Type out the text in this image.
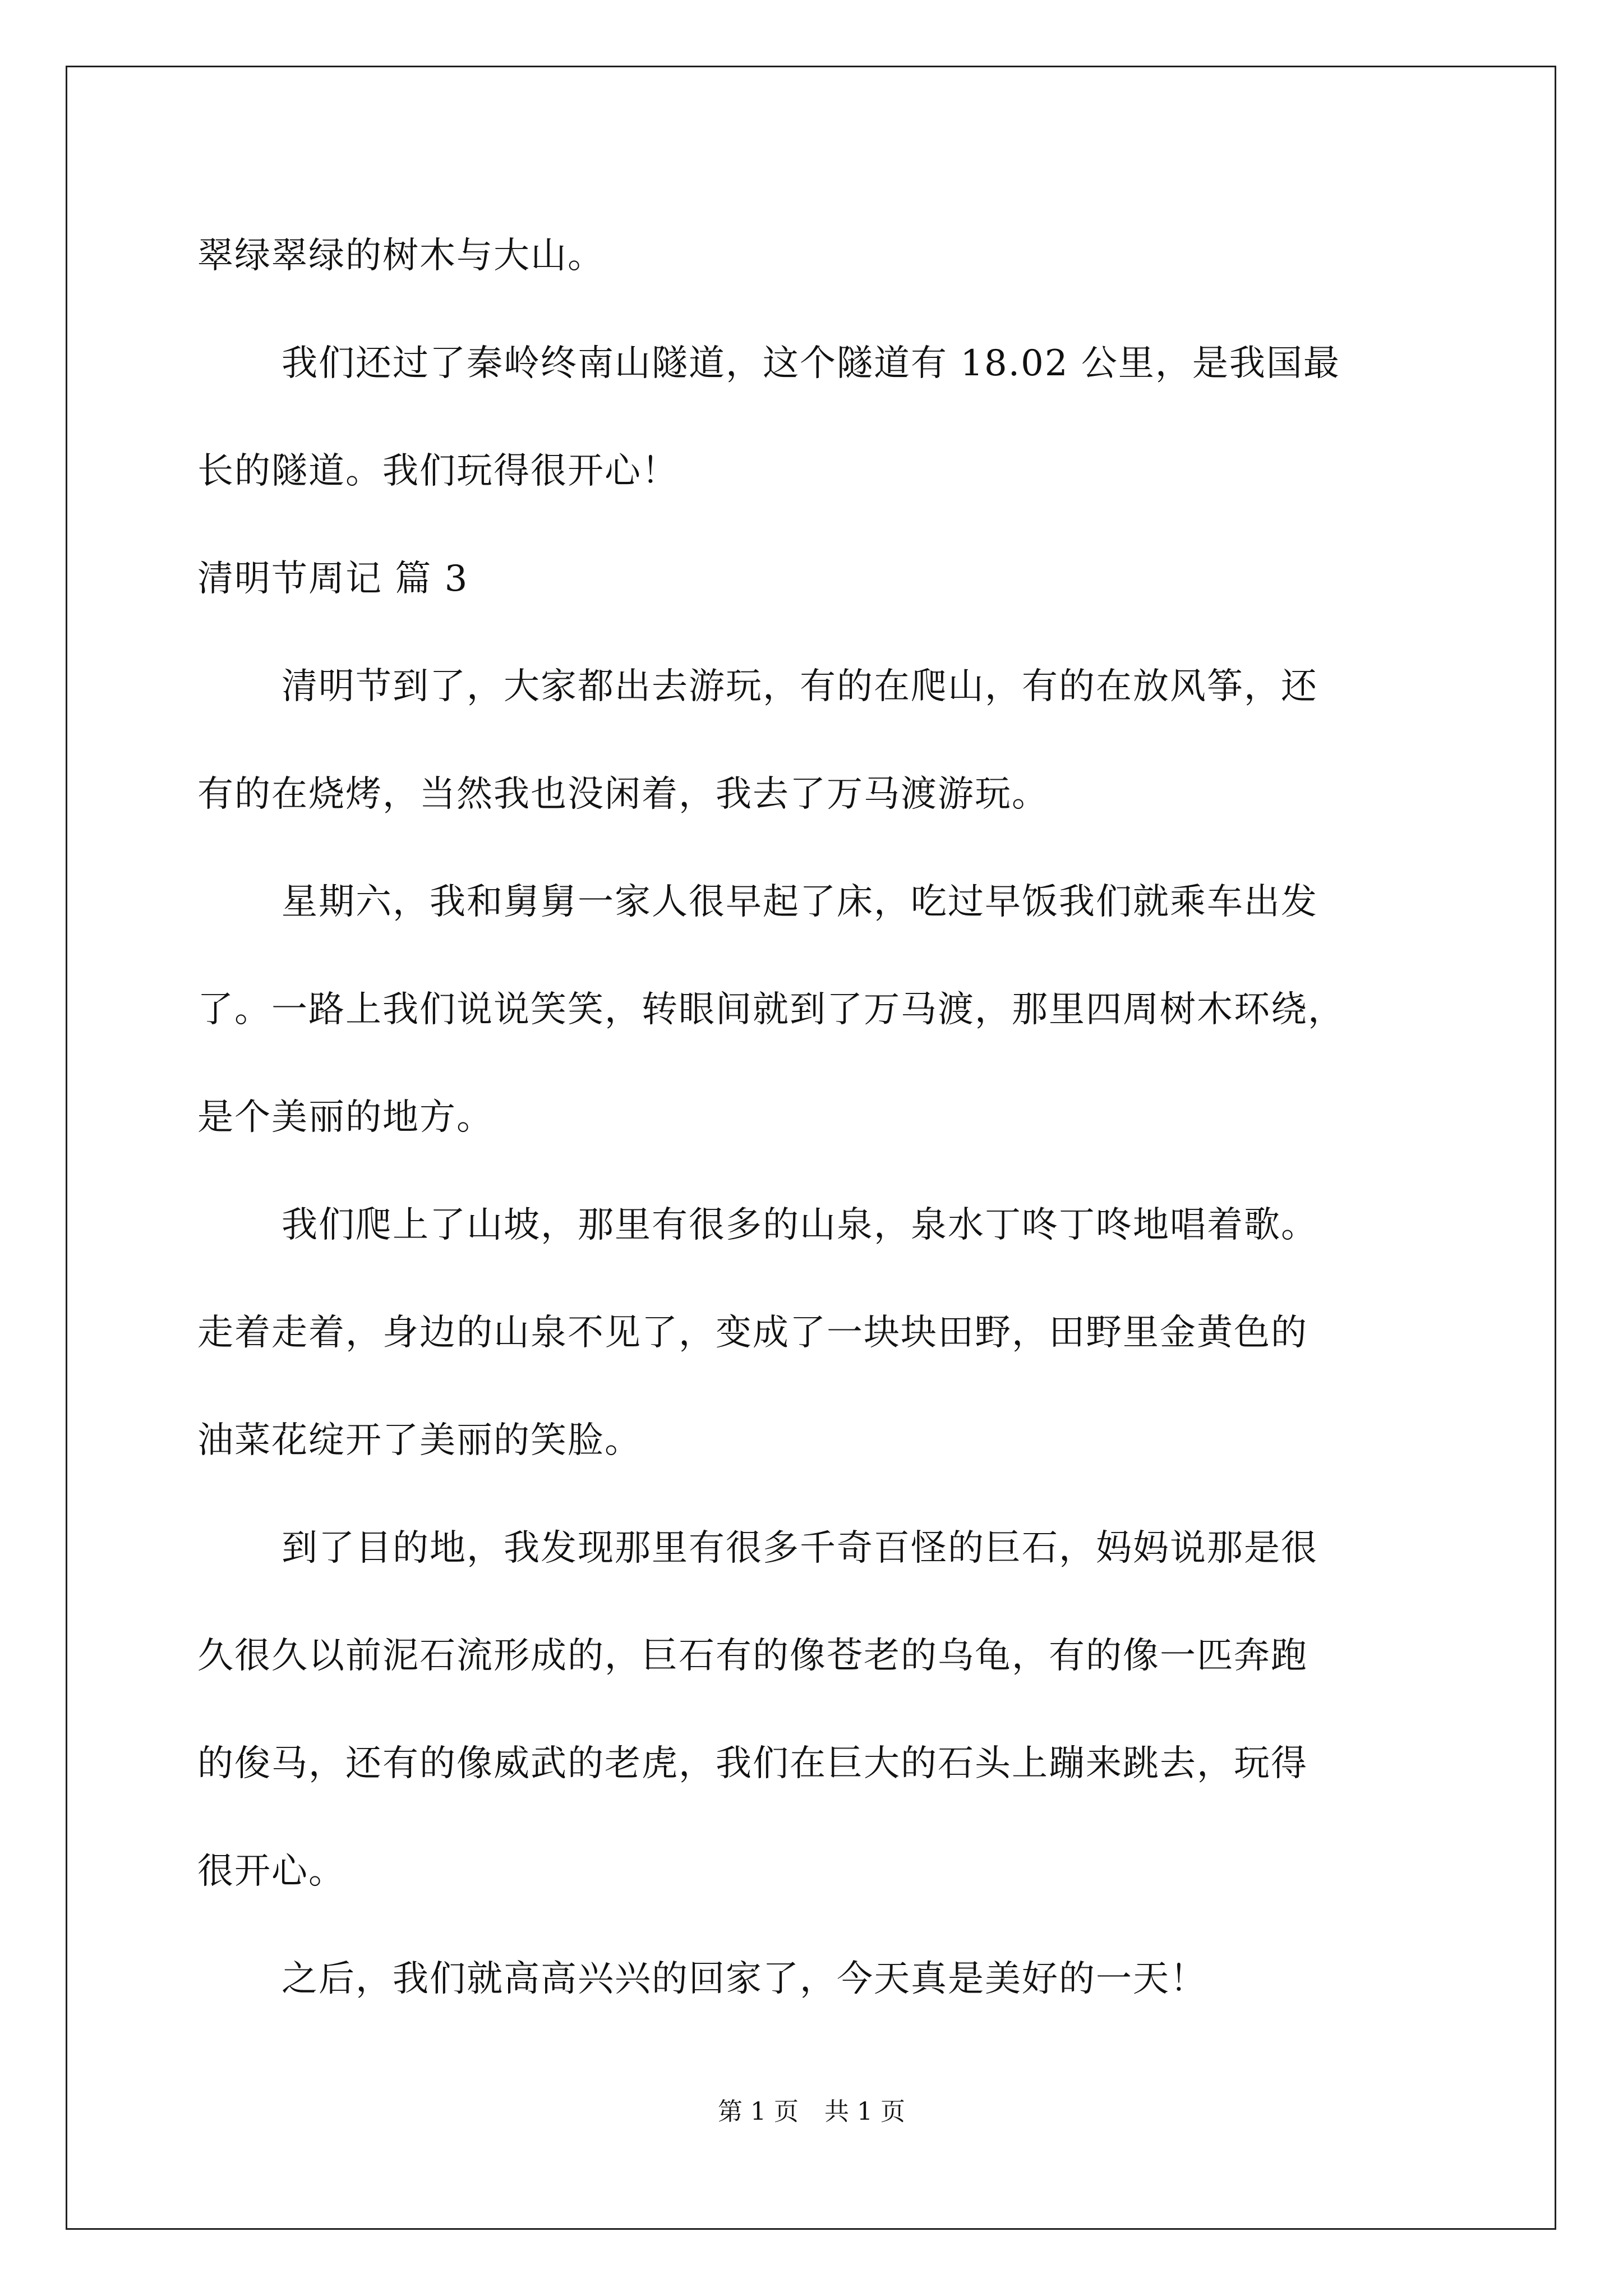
翠绿翠绿的树木与大山。
我们还过了秦岭终南山隧道，这个隧道有 18.02 公里，是我国最
长的隧道。我们玩得很开心！
清明节周记 篇 3
清明节到了，大家都出去游玩，有的在爬山，有的在放风筝，还
有的在烧烤，当然我也没闲着，我去了万马渡游玩。
星期六，我和舅舅一家人很早起了床，吃过早饭我们就乘车出发
了。一路上我们说说笑笑，转眼间就到了万马渡，那里四周树木环绕，
是个美丽的地方。
我们爬上了山坡，那里有很多的山泉，泉水丁咚丁咚地唱着歌。
走着走着，身边的山泉不见了，变成了一块块田野，田野里金黄色的
油菜花绽开了美丽的笑脸。
到了目的地，我发现那里有很多千奇百怪的巨石，妈妈说那是很
久很久以前泥石流形成的，巨石有的像苍老的乌龟，有的像一匹奔跑
的俊马，还有的像威武的老虎，我们在巨大的石头上蹦来跳去，玩得
很开心。
之后，我们就高高兴兴的回家了，今天真是美好的一天！
第 1 页 共 1 页
